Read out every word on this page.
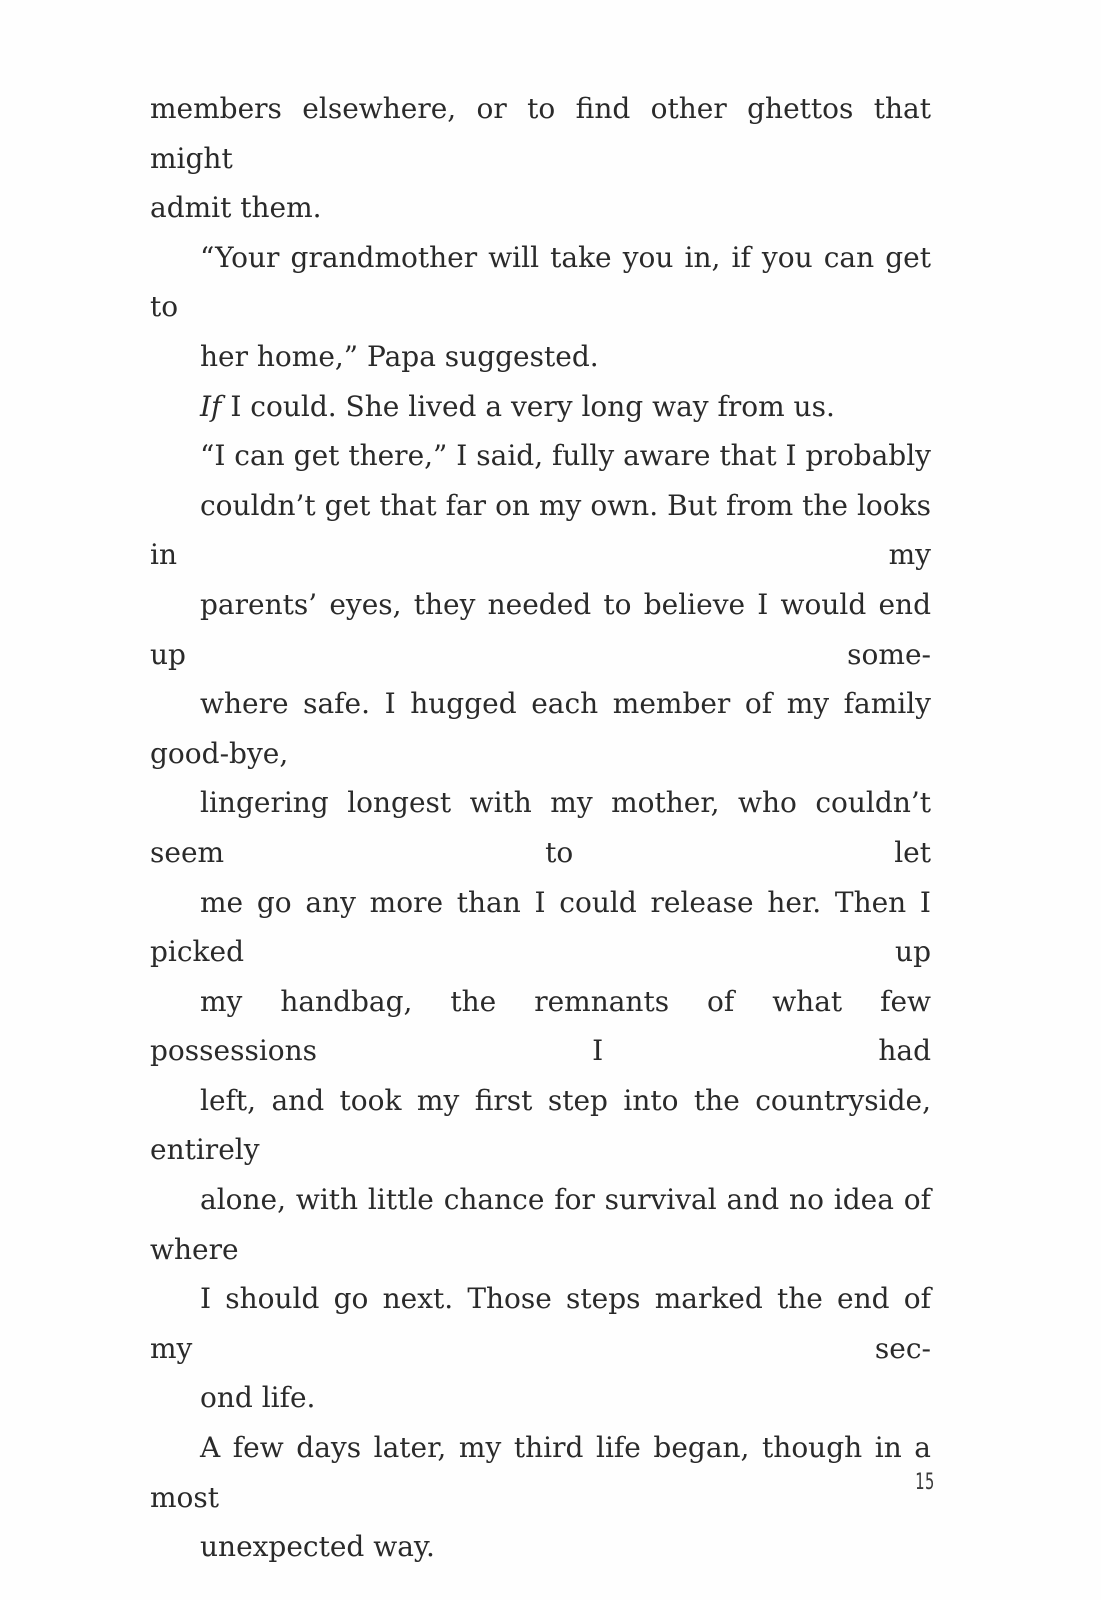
members elsewhere, or to find other ghettos that might
admit them.

“Your grandmother will take you in, if you can get to
her home,” Papa suggested.

If I could. She lived a very long way from us.

“I can get there,” I said, fully aware that I probably
couldn’t get that far on my own. But from the looks in my
parents’ eyes, they needed to believe I would end up some-
where safe. I hugged each member of my family good-bye,
lingering longest with my mother, who couldn’t seem to let
me go any more than I could release her. Then I picked up
my handbag, the remnants of what few possessions I had
left, and took my first step into the countryside, entirely
alone, with little chance for survival and no idea of where
I should go next. Those steps marked the end of my sec-
ond life.

A few days later, my third life began, though in a most
unexpected way.

15
